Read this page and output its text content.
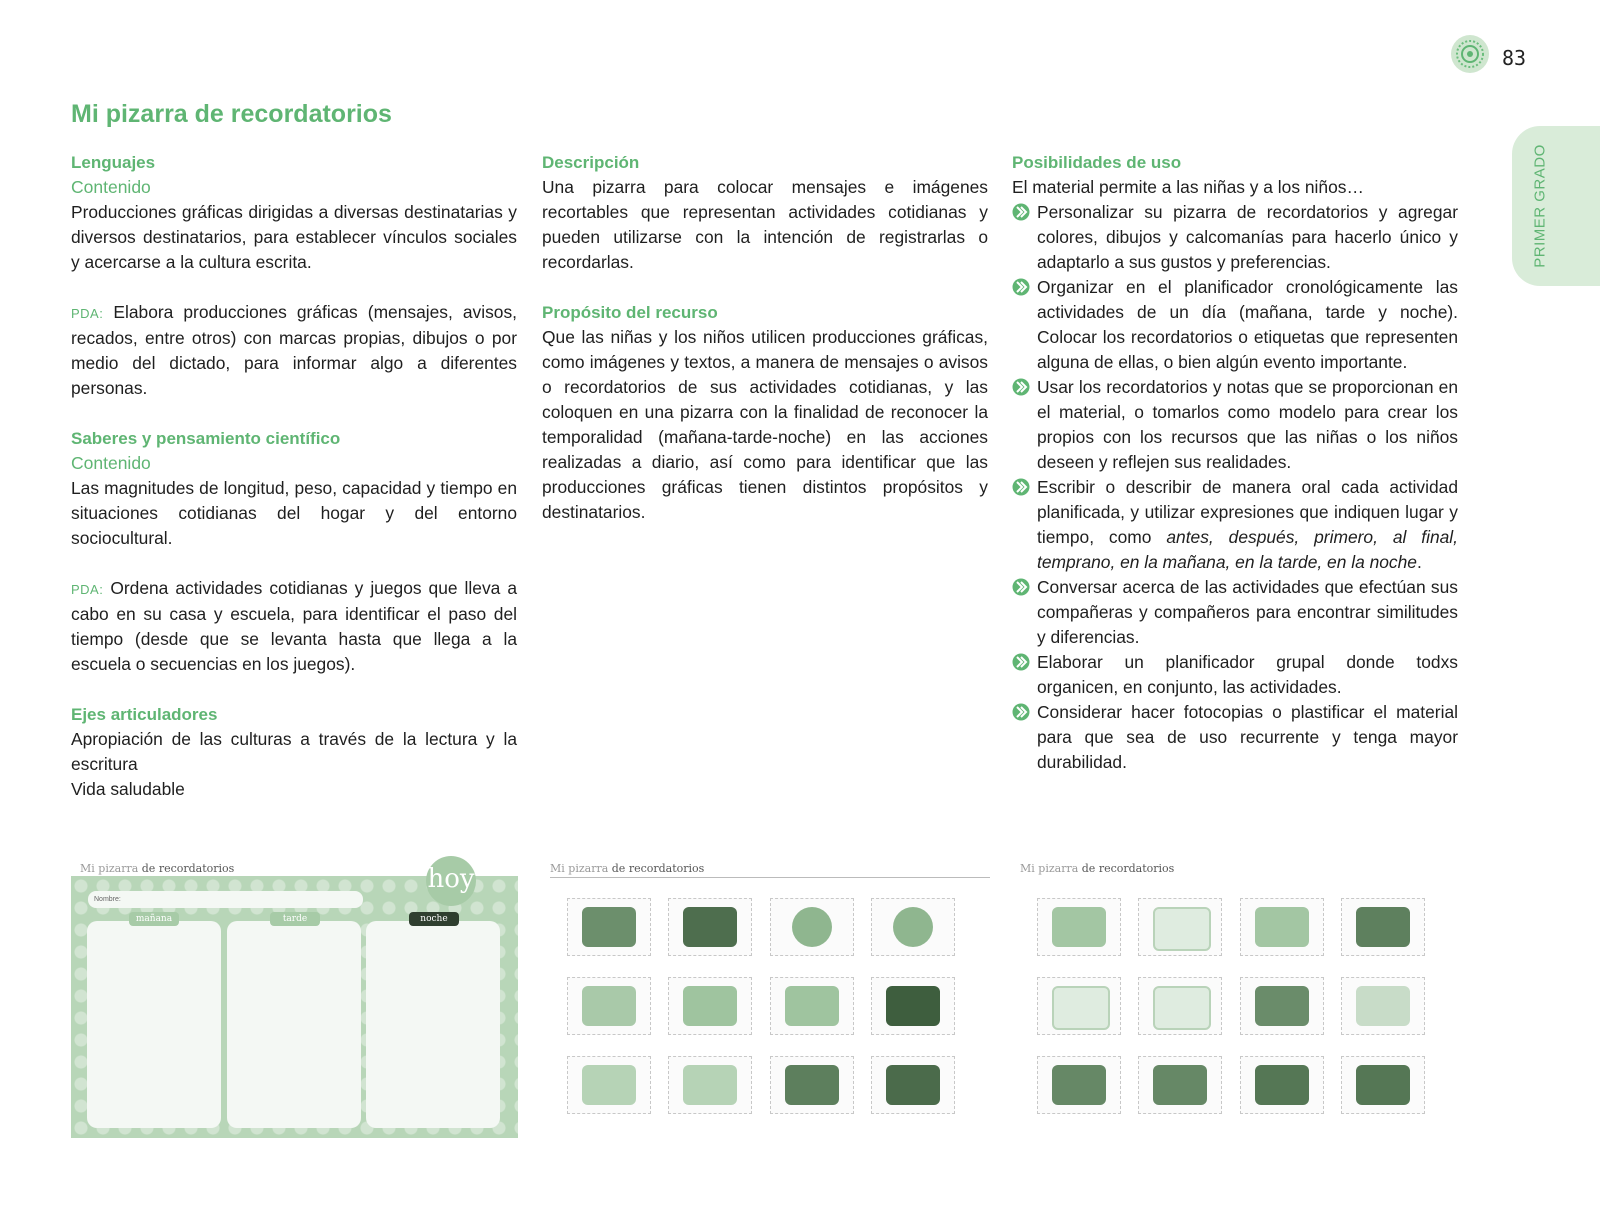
83
PRIMER GRADO
Mi pizarra de recordatorios

Lenguajes

Contenido

Producciones gráficas dirigidas a diversas destinatarias y diversos destinatarios, para establecer vínculos sociales y acercarse a la cultura escrita.

PDA: Elabora producciones gráficas (mensajes, avisos, recados, entre otros) con marcas propias, dibujos o por medio del dictado, para informar algo a diferentes personas.

Saberes y pensamiento científico

Contenido

Las magnitudes de longitud, peso, capacidad y tiempo en situaciones cotidianas del hogar y del entorno sociocultural.

PDA: Ordena actividades cotidianas y juegos que lleva a cabo en su casa y escuela, para identificar el paso del tiempo (desde que se levanta hasta que llega a la escuela o secuencias en los juegos).

Ejes articuladores

Apropiación de las culturas a través de la lectura y la escritura

Vida saludable

Descripción

Una pizarra para colocar mensajes e imágenes recortables que representan actividades cotidianas y pueden utilizarse con la intención de registrarlas o recordarlas.

Propósito del recurso

Que las niñas y los niños utilicen producciones gráficas, como imágenes y textos, a manera de mensajes o avisos o recordatorios de sus actividades cotidianas, y las coloquen en una pizarra con la finalidad de reconocer la temporalidad (mañana-tarde-noche) en las acciones realizadas a diario, así como para identificar que las producciones gráficas tienen distintos propósitos y destinatarios.

Posibilidades de uso

El material permite a las niñas y a los niños…

Personalizar su pizarra de recordatorios y agregar colores, dibujos y calcomanías para hacerlo único y adaptarlo a sus gustos y preferencias.
Organizar en el planificador cronológicamente las actividades de un día (mañana, tarde y noche). Colocar los recordatorios o etiquetas que representen alguna de ellas, o bien algún evento importante.
Usar los recordatorios y notas que se proporcionan en el material, o tomarlos como modelo para crear los propios con los recursos que las niñas o los niños deseen y reflejen sus realidades.
Escribir o describir de manera oral cada actividad planificada, y utilizar expresiones que indiquen lugar y tiempo, como antes, después, primero, al final, temprano, en la mañana, en la tarde, en la noche.
Conversar acerca de las actividades que efectúan sus compañeras y compañeros para encontrar similitudes y diferencias.
Elaborar un planificador grupal donde todxs organicen, en conjunto, las actividades.
Considerar hacer fotocopias o plastificar el material para que sea de uso recurrente y tenga mayor durabilidad.
Mi pizarra de recordatorios
Nombre:
mañana	tarde	noche
hoy	Mi pizarra de recordatorios	Mi pizarra de recordatorios
